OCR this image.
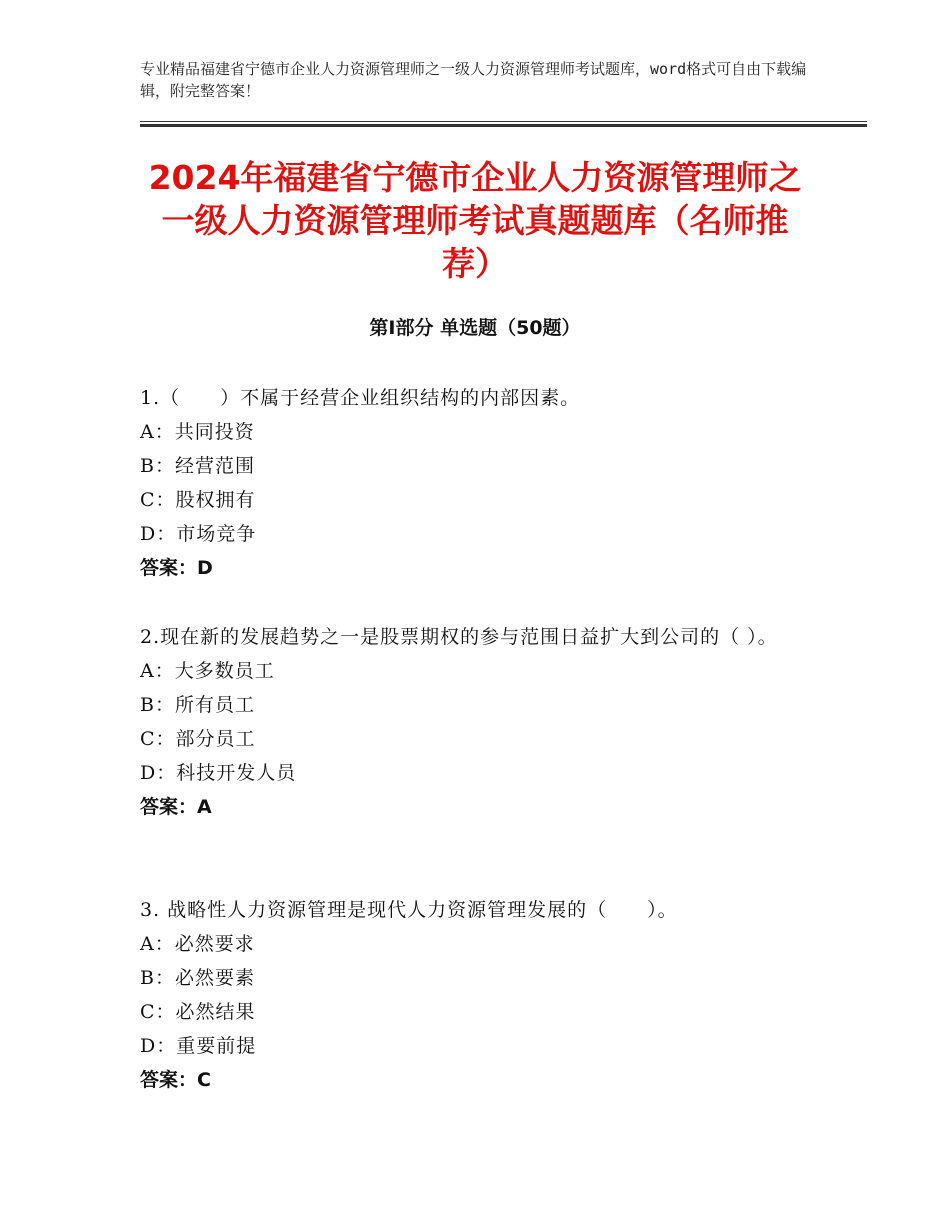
专业精品福建省宁德市企业人力资源管理师之一级人力资源管理师考试题库，word格式可自由下载编辑，附完整答案！
2024年福建省宁德市企业人力资源管理师之一级人力资源管理师考试真题题库（名师推荐）
第Ⅰ部分 单选题（50题）
1.（　　）不属于经营企业组织结构的内部因素。
A：共同投资
B：经营范围
C：股权拥有
D：市场竞争
答案：D
2.现在新的发展趋势之一是股票期权的参与范围日益扩大到公司的（ ）。
A：大多数员工
B：所有员工
C：部分员工
D：科技开发人员
答案：A
3. 战略性人力资源管理是现代人力资源管理发展的（　　）。
A：必然要求
B：必然要素
C：必然结果
D：重要前提
答案：C
